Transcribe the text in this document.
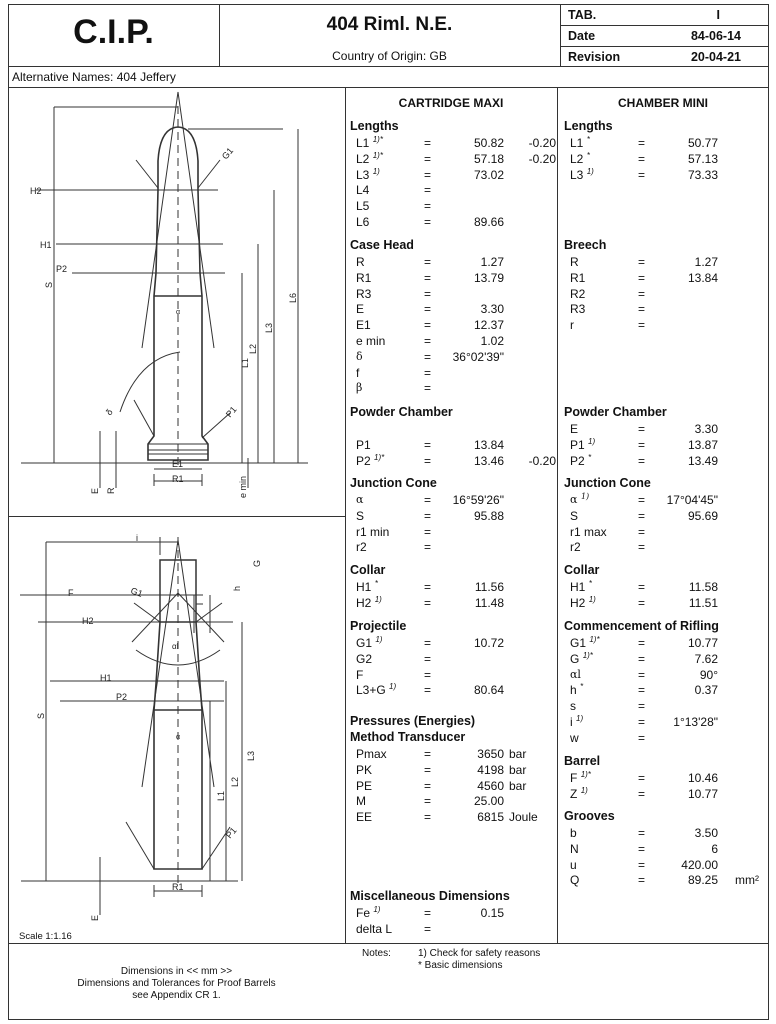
C.I.P.	404 Riml. N.E.
Country of Origin: GB
TAB.	I
Date	84-06-14
Revision	20-04-21
Alternative Names: 404 Jeffery
H2
H1
P2
S
G1
L6
L3
L2
L1
α
δ	P1
E1
R1
E R	e min
i
G
F	G1	h
H2
αl
H1
P2
S
L3
L2
L1
α
P1
R1
E
Scale 1:1.16
CARTRIDGE MAXI	CHAMBER MINI
Lengths
L1 $^{1)*}$	=	50.82 -0.20
L2 $^{1)*}$	=	57.18 -0.20
L3 $^{1)}$	=	73.02
L4	=
L5	=
L6	=	89.66
Case Head
R	=	1.27
R1	=	13.79
R3	=
E	=	3.30
E1	=	12.37
e min	=	1.02
δ	= 36°02'39"
f	=
β	=
Powder Chamber
P1	=	13.84
P2 $^{1)*}$	=	13.46 -0.20
Junction Cone
α	= 16°59'26"
S	=	95.88
r1 min	=
r2	=
Collar
H1 *	=	11.56
H2 $^{1)}$	=	11.48
Projectile
G1 $^{1)}$	=	10.72
G2	=
F	=
L3+G $^{1)}$ =	80.64
Pressures (Energies)
Method Transducer
Pmax	=	3650 bar
PK	=	4198 bar
PE	=	4560 bar
M	=	25.00
EE	=	6815 Joule
Miscellaneous Dimensions
Fe $^{1)}$	=	0.15
delta L	=
Lengths
L1 *	=	50.77
L2 *	=	57.13
L3 $^{1)}$	=	73.33
Breech
R	=	1.27
R1	=	13.84
R2	=
R3	=
r	=
Powder Chamber
E	=	3.30
P1 $^{1)}$	=	13.87
P2 *	=	13.49
Junction Cone
α $^{1)}$	= 17°04'45"
S	=	95.69
r1 max	=
r2	=
Collar
H1 *	=	11.58
H2 $^{1)}$	=	11.51
Commencement of Rifling
G1 $^{1)*}$	=	10.77
G $^{1)*}$	=	7.62
αl	=	90°
h *	=	0.37
s	=
i $^{1)}$	= 1°13'28"
w	=
Barrel
F $^{1)*}$	=	10.46
Z $^{1)}$	=	10.77
Grooves
b	=	3.50
N	=	6
u	=	420.00
Q	=	89.25 mm²
Dimensions in << mm >>
Dimensions and Tolerances for Proof Barrels
see Appendix CR 1.
Notes:	1) Check for safety reasons
* Basic dimensions
